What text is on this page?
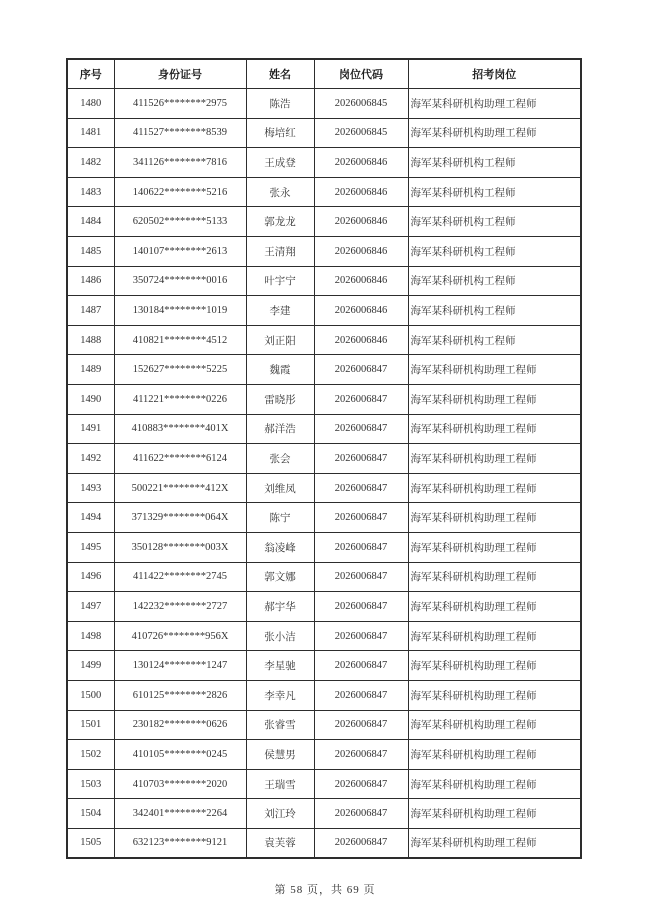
序号	身份证号	姓名	岗位代码	招考岗位
1480	411526********2975	陈浩	2026006845	海军某科研机构助理工程师
1481	411527********8539	梅培红	2026006845	海军某科研机构助理工程师
1482	341126********7816	王成登	2026006846	海军某科研机构工程师
1483	140622********5216	张永	2026006846	海军某科研机构工程师
1484	620502********5133	郭龙龙	2026006846	海军某科研机构工程师
1485	140107********2613	王清翔	2026006846	海军某科研机构工程师
1486	350724********0016	叶宇宁	2026006846	海军某科研机构工程师
1487	130184********1019	李建	2026006846	海军某科研机构工程师
1488	410821********4512	刘正阳	2026006846	海军某科研机构工程师
1489	152627********5225	魏霞	2026006847	海军某科研机构助理工程师
1490	411221********0226	雷晓彤	2026006847	海军某科研机构助理工程师
1491	410883********401X	郝洋浩	2026006847	海军某科研机构助理工程师
1492	411622********6124	张会	2026006847	海军某科研机构助理工程师
1493	500221********412X	刘维凤	2026006847	海军某科研机构助理工程师
1494	371329********064X	陈宁	2026006847	海军某科研机构助理工程师
1495	350128********003X	翁凌峰	2026006847	海军某科研机构助理工程师
1496	411422********2745	郭文娜	2026006847	海军某科研机构助理工程师
1497	142232********2727	郝宇华	2026006847	海军某科研机构助理工程师
1498	410726********956X	张小洁	2026006847	海军某科研机构助理工程师
1499	130124********1247	李星驰	2026006847	海军某科研机构助理工程师
1500	610125********2826	李幸凡	2026006847	海军某科研机构助理工程师
1501	230182********0626	张睿雪	2026006847	海军某科研机构助理工程师
1502	410105********0245	侯慧男	2026006847	海军某科研机构助理工程师
1503	410703********2020	王瑞雪	2026006847	海军某科研机构助理工程师
1504	342401********2264	刘江玲	2026006847	海军某科研机构助理工程师
1505	632123********9121	袁芙蓉	2026006847	海军某科研机构助理工程师
第 58 页，共 69 页
